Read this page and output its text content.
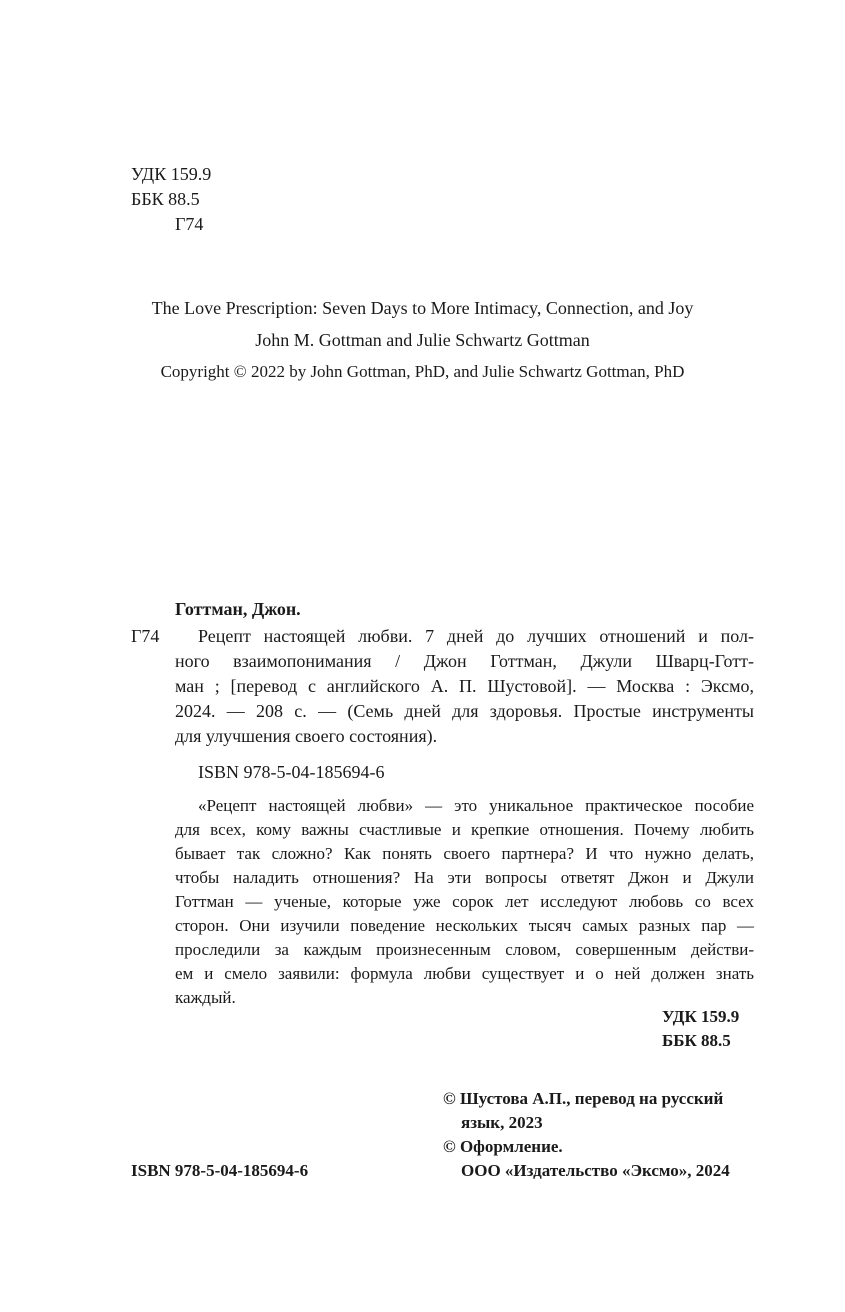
УДК 159.9
ББК 88.5
Г74
The Love Prescription: Seven Days to More Intimacy, Connection, and Joy
John M. Gottman and Julie Schwartz Gottman
Copyright © 2022 by John Gottman, PhD, and Julie Schwartz Gottman, PhD
Готтман, Джон.
Г74 Рецепт настоящей любви. 7 дней до лучших отношений и пол-
ного взаимопонимания / Джон Готтман, Джули Шварц-Готт-
ман ; [перевод с английского А. П. Шустовой]. — Москва : Эксмо,
2024. — 208 с. — (Семь дней для здоровья. Простые инструменты
для улучшения своего состояния).
ISBN 978-5-04-185694-6
«Рецепт настоящей любви» — это уникальное практическое пособие
для всех, кому важны счастливые и крепкие отношения. Почему любить
бывает так сложно? Как понять своего партнера? И что нужно делать,
чтобы наладить отношения? На эти вопросы ответят Джон и Джули
Готтман — ученые, которые уже сорок лет исследуют любовь со всех
сторон. Они изучили поведение нескольких тысяч самых разных пар —
проследили за каждым произнесенным словом, совершенным действи-
ем и смело заявили: формула любви существует и о ней должен знать
каждый.
УДК 159.9
ББК 88.5
© Шустова А.П., перевод на русский
язык, 2023
© Оформление.
ООО «Издательство «Эксмо», 2024
ISBN 978-5-04-185694-6
